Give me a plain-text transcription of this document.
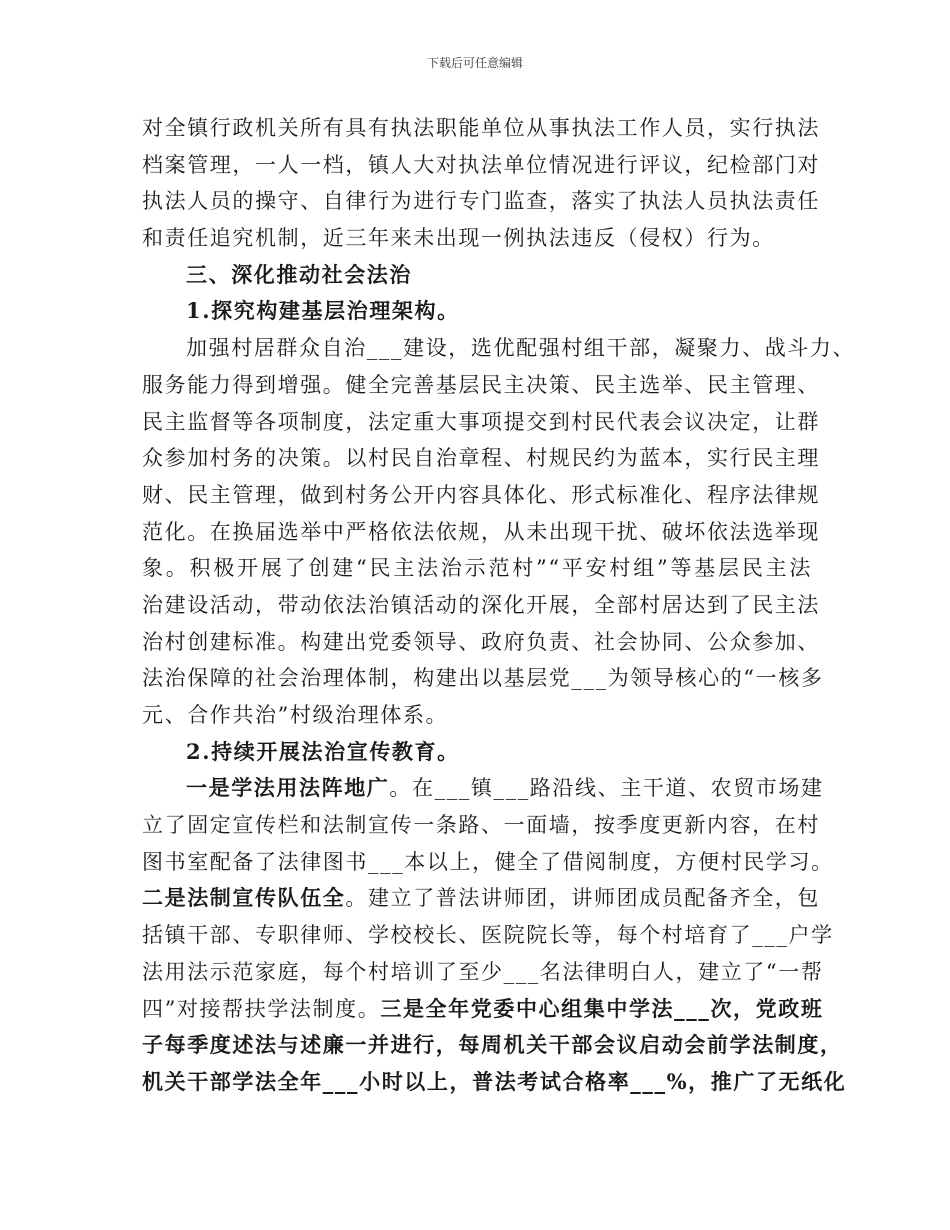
下载后可任意编辑
对全镇行政机关所有具有执法职能单位从事执法工作人员，实行执法
档案管理，一人一档，镇人大对执法单位情况进行评议，纪检部门对
执法人员的操守、自律行为进行专门监查，落实了执法人员执法责任
和责任追究机制，近三年来未出现一例执法违反（侵权）行为。
三、深化推动社会法治
1.探究构建基层治理架构。
加强村居群众自治___建设，选优配强村组干部，凝聚力、战斗力、
服务能力得到增强。健全完善基层民主决策、民主选举、民主管理、
民主监督等各项制度，法定重大事项提交到村民代表会议决定，让群
众参加村务的决策。以村民自治章程、村规民约为蓝本，实行民主理
财、民主管理，做到村务公开内容具体化、形式标准化、程序法律规
范化。在换届选举中严格依法依规，从未出现干扰、破坏依法选举现
象。积极开展了创建“民主法治示范村”“平安村组”等基层民主法
治建设活动，带动依法治镇活动的深化开展，全部村居达到了民主法
治村创建标准。构建出党委领导、政府负责、社会协同、公众参加、
法治保障的社会治理体制，构建出以基层党___为领导核心的“一核多
元、合作共治”村级治理体系。
2.持续开展法治宣传教育。
一是学法用法阵地广。在___镇___路沿线、主干道、农贸市场建
立了固定宣传栏和法制宣传一条路、一面墙，按季度更新内容，在村
图书室配备了法律图书___本以上，健全了借阅制度，方便村民学习。
二是法制宣传队伍全。建立了普法讲师团，讲师团成员配备齐全，包
括镇干部、专职律师、学校校长、医院院长等，每个村培育了___户学
法用法示范家庭，每个村培训了至少___名法律明白人，建立了“一帮
四”对接帮扶学法制度。三是全年党委中心组集中学法___次，党政班
子每季度述法与述廉一并进行，每周机关干部会议启动会前学法制度，
机关干部学法全年___小时以上，普法考试合格率___%，推广了无纸化
